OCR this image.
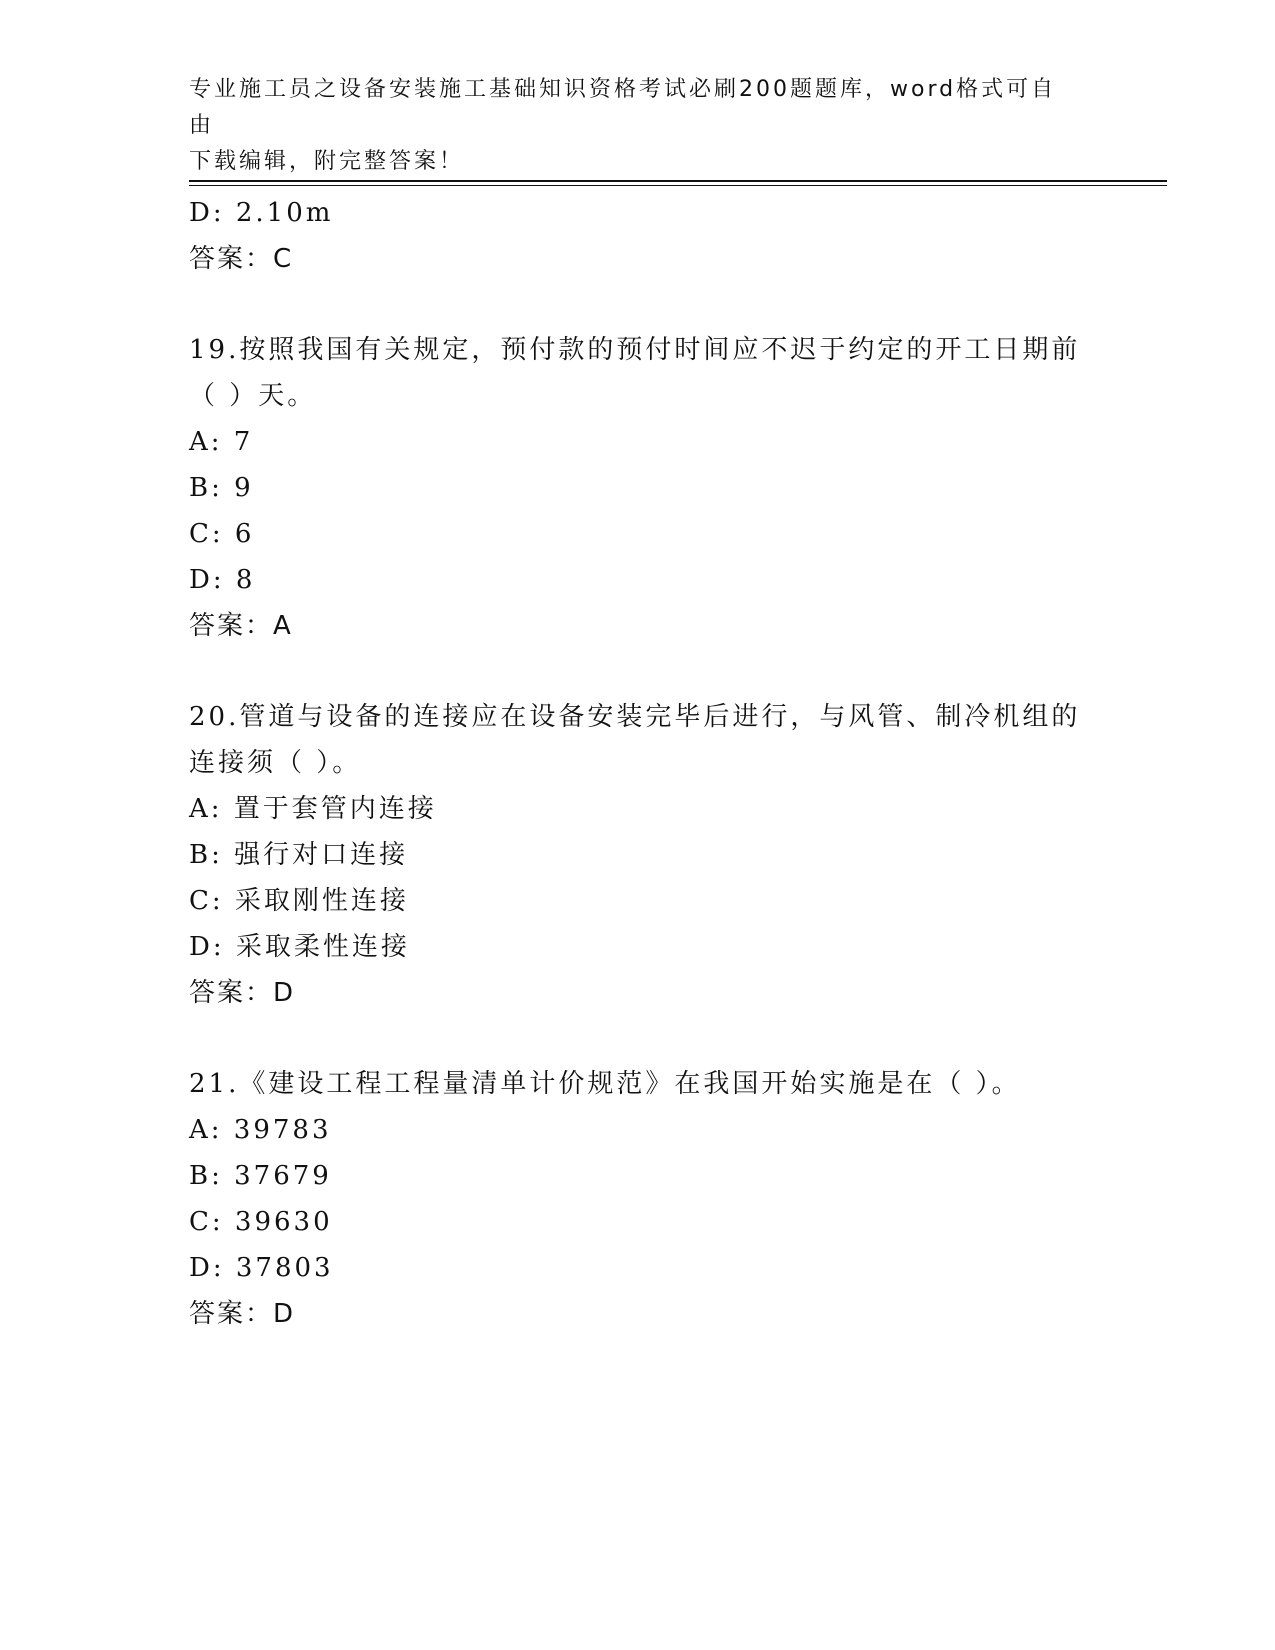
专业施工员之设备安装施工基础知识资格考试必刷200题题库，word格式可自由
下载编辑，附完整答案！
D: 2.10m
答案：C
19.按照我国有关规定，预付款的预付时间应不迟于约定的开工日期前
（ ）天。
A: 7
B: 9
C: 6
D: 8
答案：A
20.管道与设备的连接应在设备安装完毕后进行，与风管、制冷机组的
连接须（ ）。
A: 置于套管内连接
B: 强行对口连接
C: 采取刚性连接
D: 采取柔性连接
答案：D
21.《建设工程工程量清单计价规范》在我国开始实施是在（ ）。
A: 39783
B: 37679
C: 39630
D: 37803
答案：D
